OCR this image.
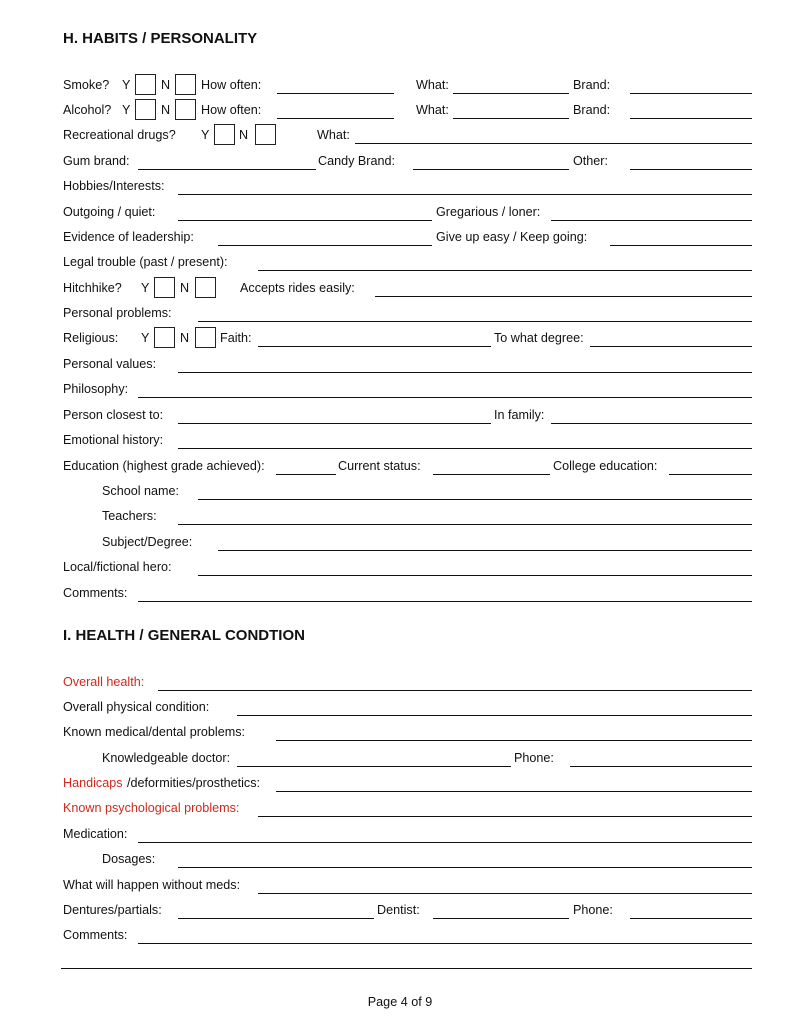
H. HABITS / PERSONALITY
I. HEALTH / GENERAL CONDTION
Smoke? Y N How often:	What:	Brand:
Alcohol? Y N How often:	What:	Brand:
Recreational drugs? Y N	What:
Gum brand:	Candy Brand:	Other:
Hobbies/Interests:
Outgoing / quiet:	Gregarious / loner:
Evidence of leadership:	Give up easy / Keep going:
Legal trouble (past / present):
Hitchhike? Y N	Accepts rides easily:
Personal problems:
Religious: Y N Faith:	To what degree:
Personal values:
Philosophy:
Person closest to:	In family:
Emotional history:
Education (highest grade achieved):	Current status:	College education:
School name:
Teachers:
Subject/Degree:
Local/fictional hero:
Comments:
Overall health:
Overall physical condition:
Known medical/dental problems:
Knowledgeable doctor:	Phone:
Handicaps /deformities/prosthetics:
Known psychological problems:
Medication:
Dosages:
What will happen without meds:
Dentures/partials:	Dentist:	Phone:
Comments:
Page 4 of 9
